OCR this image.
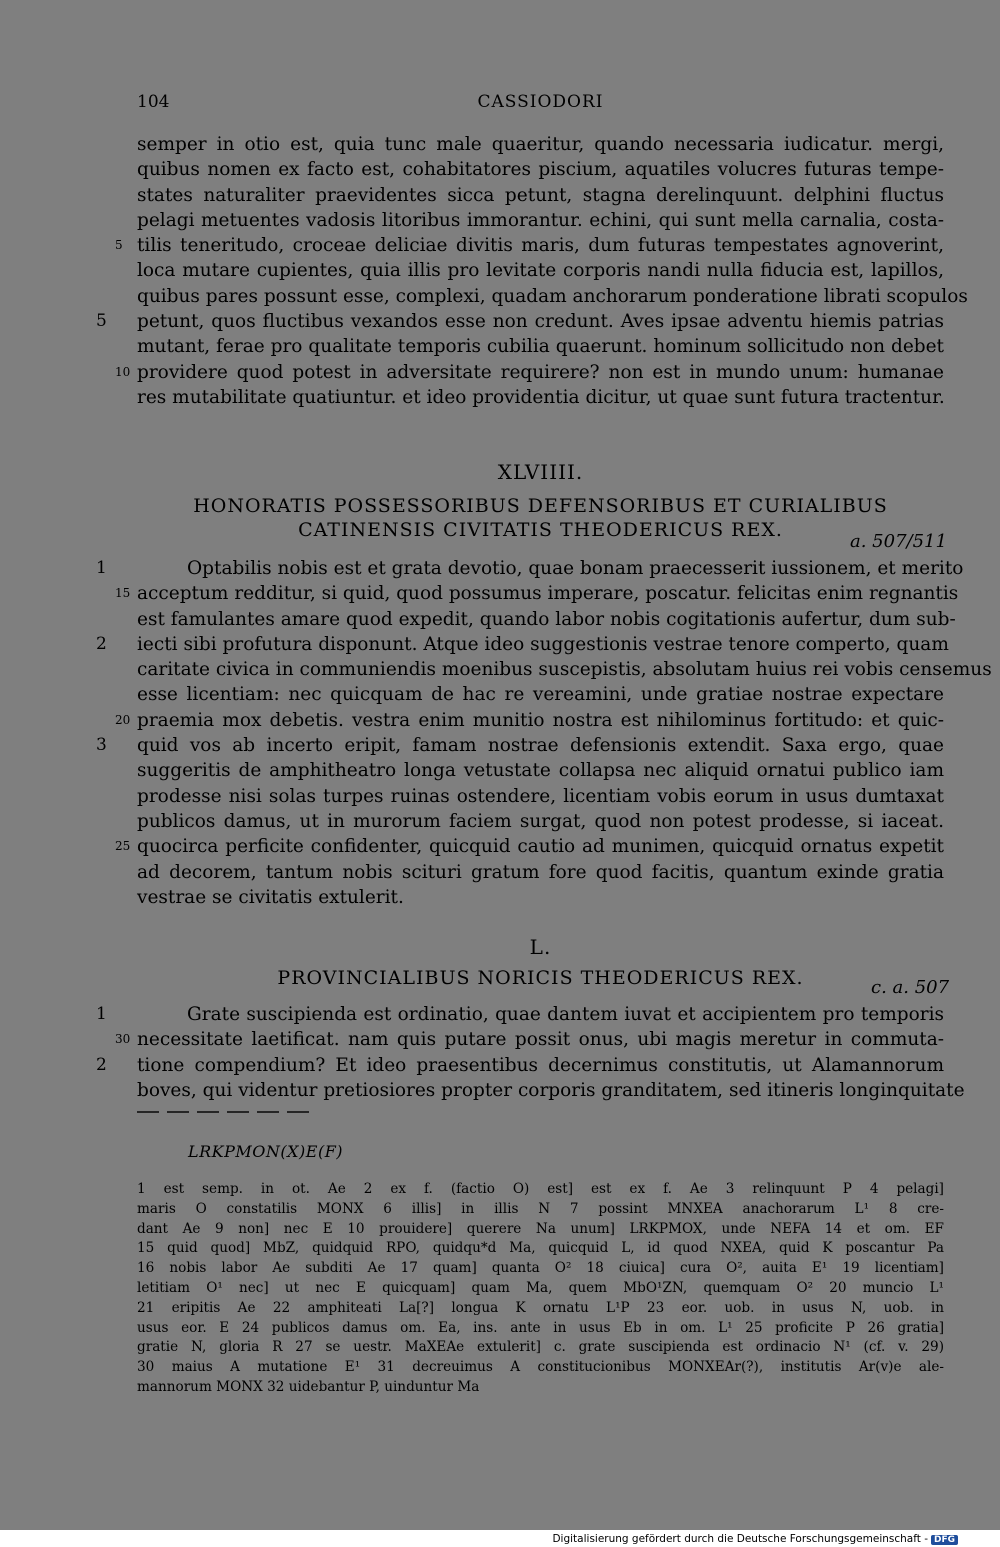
104	CASSIODORI
semper in otio est, quia tunc male quaeritur, quando necessaria iudicatur. mergi,
quibus nomen ex facto est, cohabitatores piscium, aquatiles volucres futuras tempe-
states naturaliter praevidentes sicca petunt, stagna derelinquunt. delphini fluctus
pelagi metuentes vadosis litoribus immorantur. echini, qui sunt mella carnalia, costa-
tilis teneritudo, croceae deliciae divitis maris, dum futuras tempestates agnoverint,
5
loca mutare cupientes, quia illis pro levitate corporis nandi nulla fiducia est, lapillos,
quibus pares possunt esse, complexi, quadam anchorarum ponderatione librati scopulos
petunt, quos fluctibus vexandos esse non credunt. Aves ipsae adventu hiemis patrias
5
mutant, ferae pro qualitate temporis cubilia quaerunt. hominum sollicitudo non debet
providere quod potest in adversitate requirere? non est in mundo unum: humanae
10
res mutabilitate quatiuntur. et ideo providentia dicitur, ut quae sunt futura tractentur.
XLVIIII.
HONORATIS POSSESSORIBUS DEFENSORIBUS ET CURIALIBUS
CATINENSIS CIVITATIS THEODERICUS REX.
a. 507/511
Optabilis nobis est et grata devotio, quae bonam praecesserit iussionem, et merito
1
acceptum redditur, si quid, quod possumus imperare, poscatur. felicitas enim regnantis
15
est famulantes amare quod expedit, quando labor nobis cogitationis aufertur, dum sub-
iecti sibi profutura disponunt. Atque ideo suggestionis vestrae tenore comperto, quam
2
caritate civica in communiendis moenibus suscepistis, absolutam huius rei vobis censemus
esse licentiam: nec quicquam de hac re vereamini, unde gratiae nostrae expectare
praemia mox debetis. vestra enim munitio nostra est nihilominus fortitudo: et quic-
20
quid vos ab incerto eripit, famam nostrae defensionis extendit. Saxa ergo, quae
3
suggeritis de amphitheatro longa vetustate collapsa nec aliquid ornatui publico iam
prodesse nisi solas turpes ruinas ostendere, licentiam vobis eorum in usus dumtaxat
publicos damus, ut in murorum faciem surgat, quod non potest prodesse, si iaceat.
quocirca perficite confidenter, quicquid cautio ad munimen, quicquid ornatus expetit
25
ad decorem, tantum nobis scituri gratum fore quod facitis, quantum exinde gratia
vestrae se civitatis extulerit.
L.
PROVINCIALIBUS NORICIS THEODERICUS REX.	c. a. 507
Grate suscipienda est ordinatio, quae dantem iuvat et accipientem pro temporis
1
necessitate laetificat. nam quis putare possit onus, ubi magis meretur in commuta-
30
tione compendium? Et ideo praesentibus decernimus constitutis, ut Alamannorum
2
boves, qui videntur pretiosiores propter corporis granditatem, sed itineris longinquitate
LRKPMON(X)E(F)
1 est semp. in ot. Ae 2 ex f. (factio O) est] est ex f. Ae 3 relinquunt P 4 pelagi]
maris O constatilis MONX 6 illis] in illis N 7 possint MNXEA anachorarum L¹ 8 cre-
dant Ae 9 non] nec E 10 prouidere] querere Na unum] LRKPMOX, unde NEFA 14 et om. EF
15 quid quod] MbZ, quidquid RPO, quidqu*d Ma, quicquid L, id quod NXEA, quid K poscantur Pa
16 nobis labor Ae subditi Ae 17 quam] quanta O² 18 ciuica] cura O², auita E¹ 19 licentiam]
letitiam O¹ nec] ut nec E quicquam] quam Ma, quem MbO¹ZN, quemquam O² 20 muncio L¹
21 eripitis Ae 22 amphiteati La[?] longua K ornatu L¹P 23 eor. uob. in usus N, uob. in
usus eor. E 24 publicos damus om. Ea, ins. ante in usus Eb in om. L¹ 25 proficite P 26 gratia]
gratie N, gloria R 27 se uestr. MaXEAe extulerit] c. grate suscipienda est ordinacio N¹ (cf. v. 29)
30 maius A mutatione E¹ 31 decreuimus A constitucionibus MONXEAr(?), institutis Ar(v)e ale-
mannorum MONX 32 uidebantur P, uinduntur Ma
Digitalisierung gefördert durch die Deutsche Forschungsgemeinschaft - DFG
